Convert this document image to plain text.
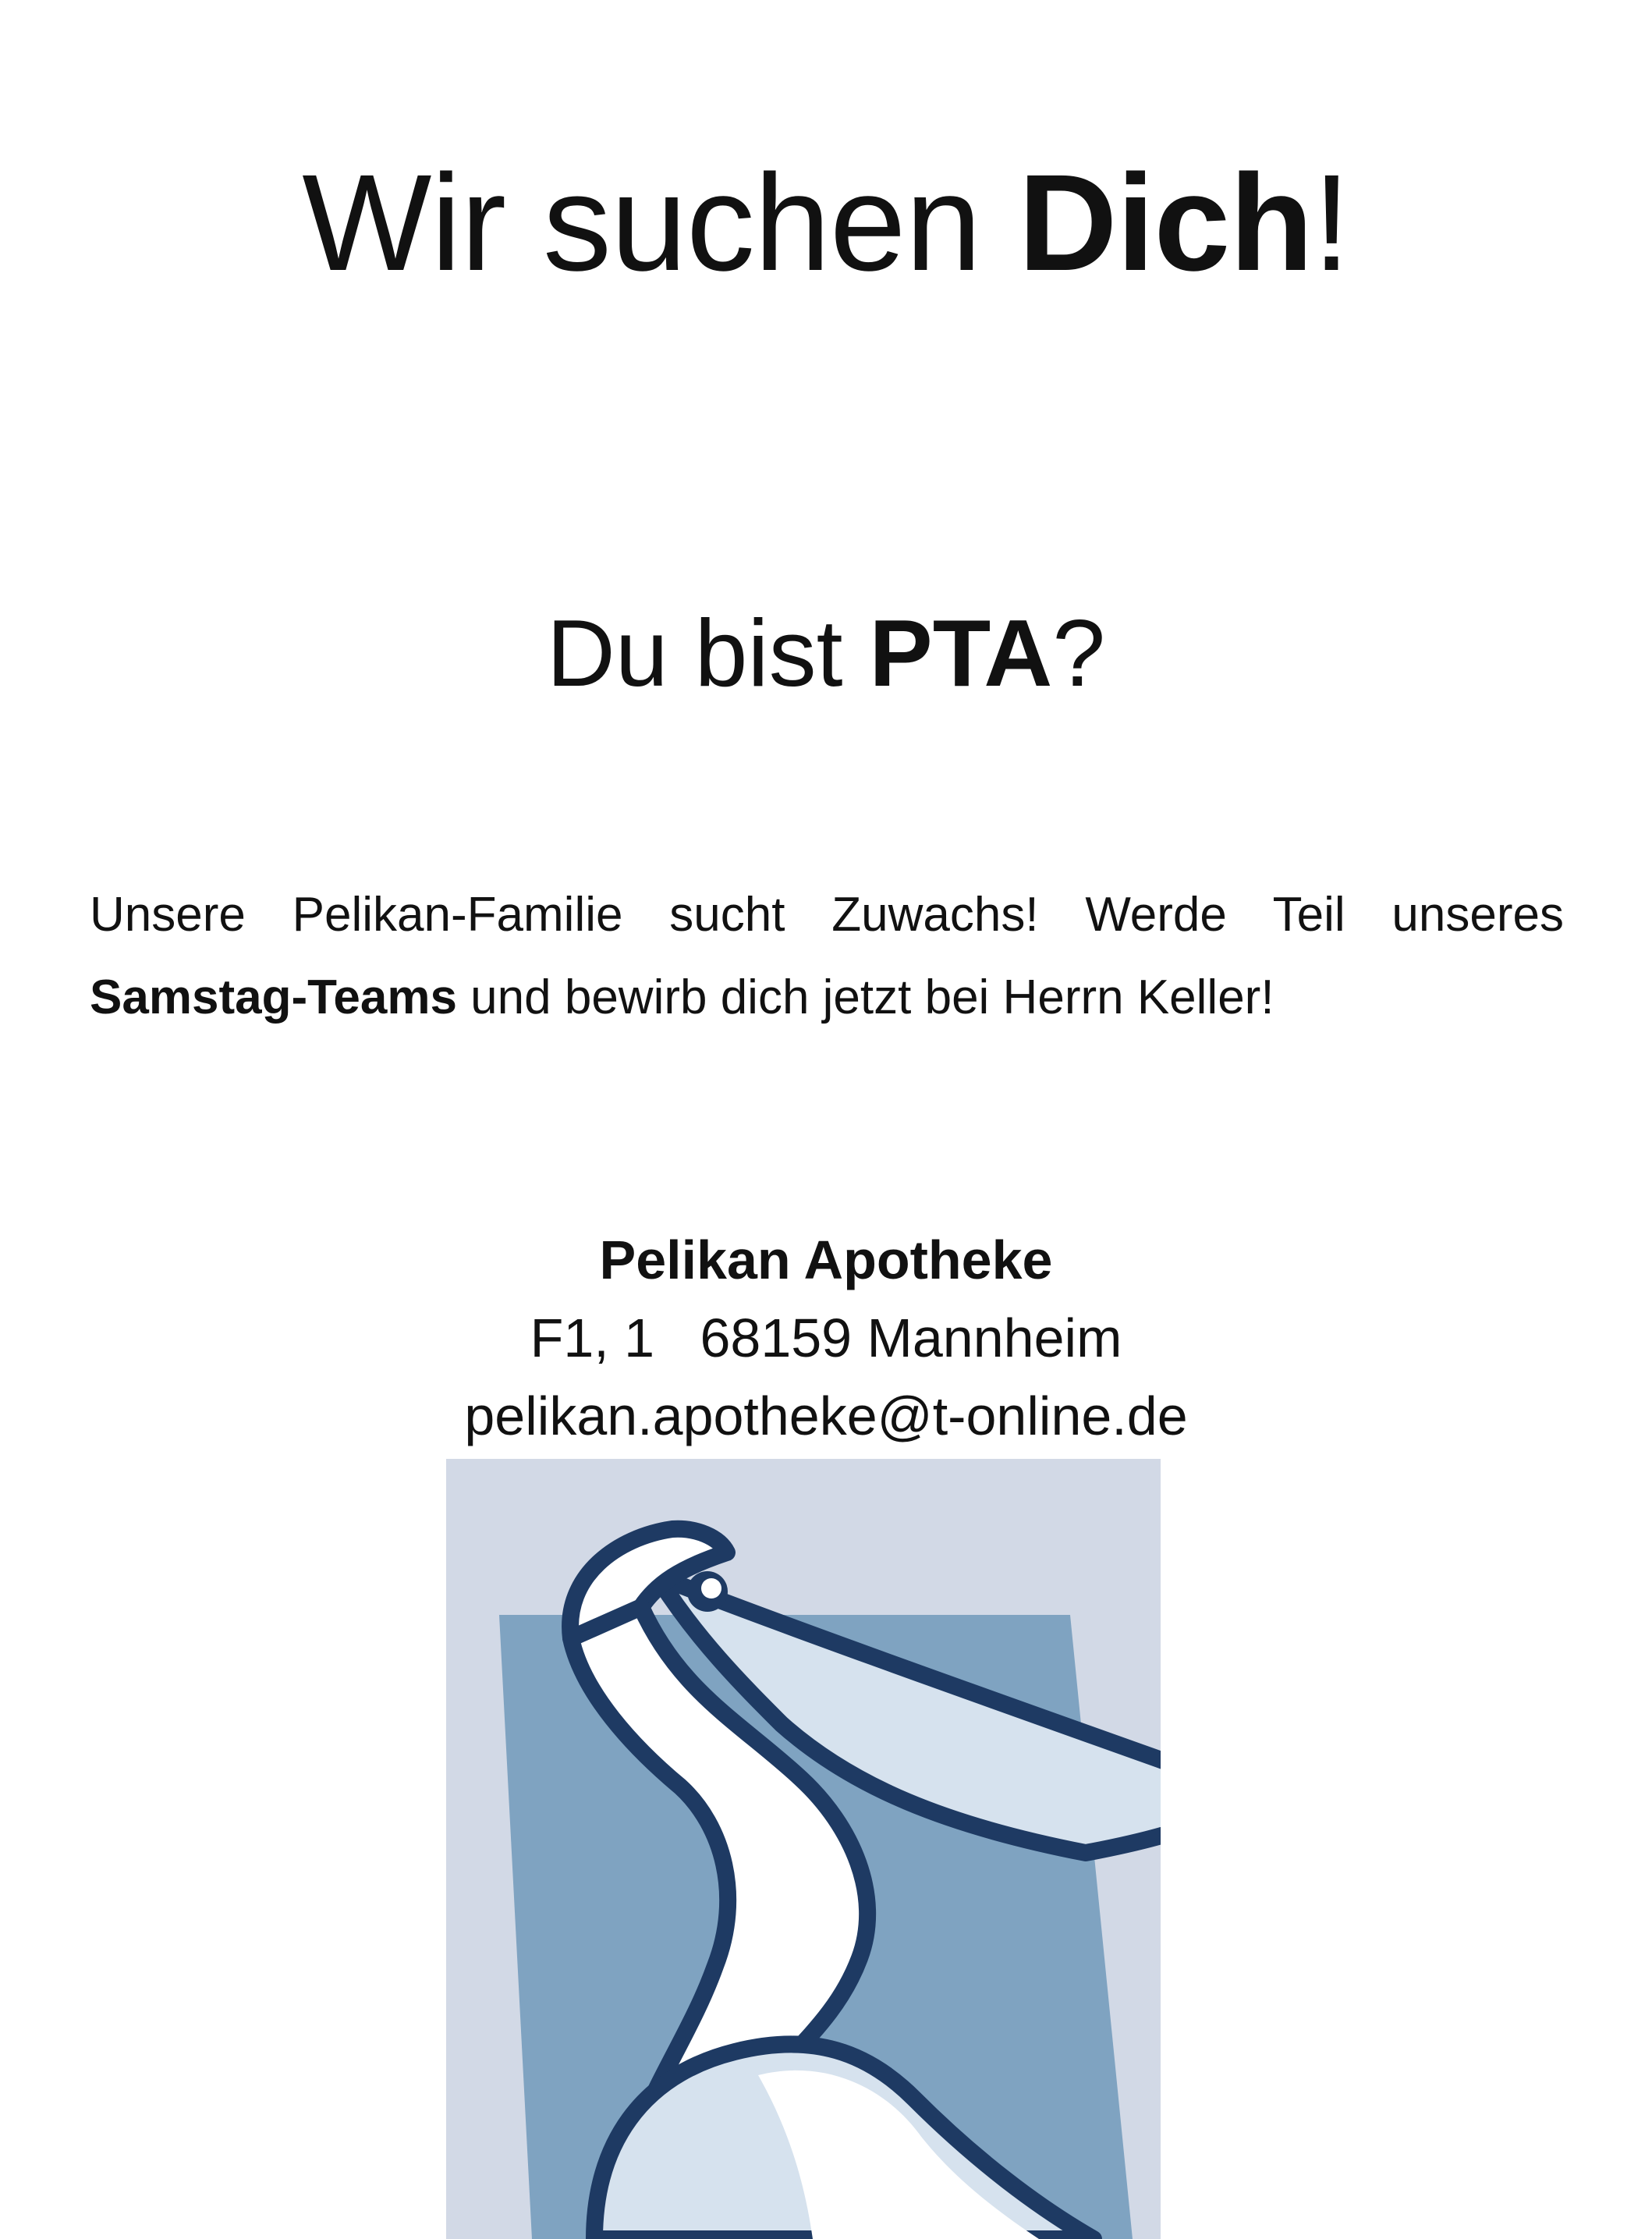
Wir suchen Dich!
Du bist PTA?

Unsere Pelikan-Familie sucht Zuwachs! Werde Teil unseres Samstag-Teams und bewirb dich jetzt bei Herrn Keller!

Pelikan Apotheke
F1, 1   68159 Mannheim
pelikan.apotheke@t-online.de
